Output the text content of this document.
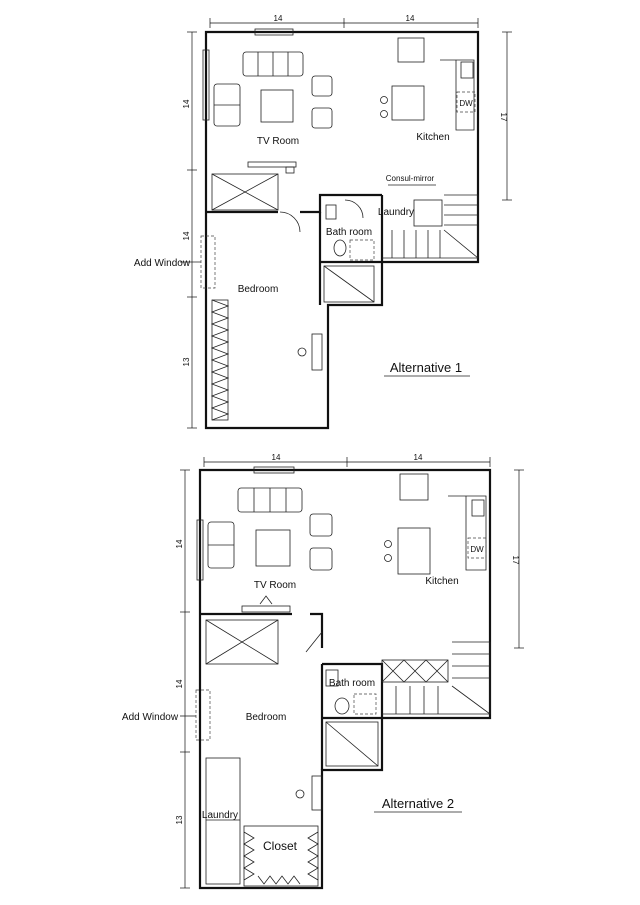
14	14
14
14
13
17
Add Window
TV Room
DW
Kitchen
Consul-mirror
Laundry
Bath room
Bedroom
Alternative 1
14	14
14
14
13
17
Add Window
TV Room
DW
Kitchen
Bath room
Bedroom
Laundry
Closet
Alternative 2
